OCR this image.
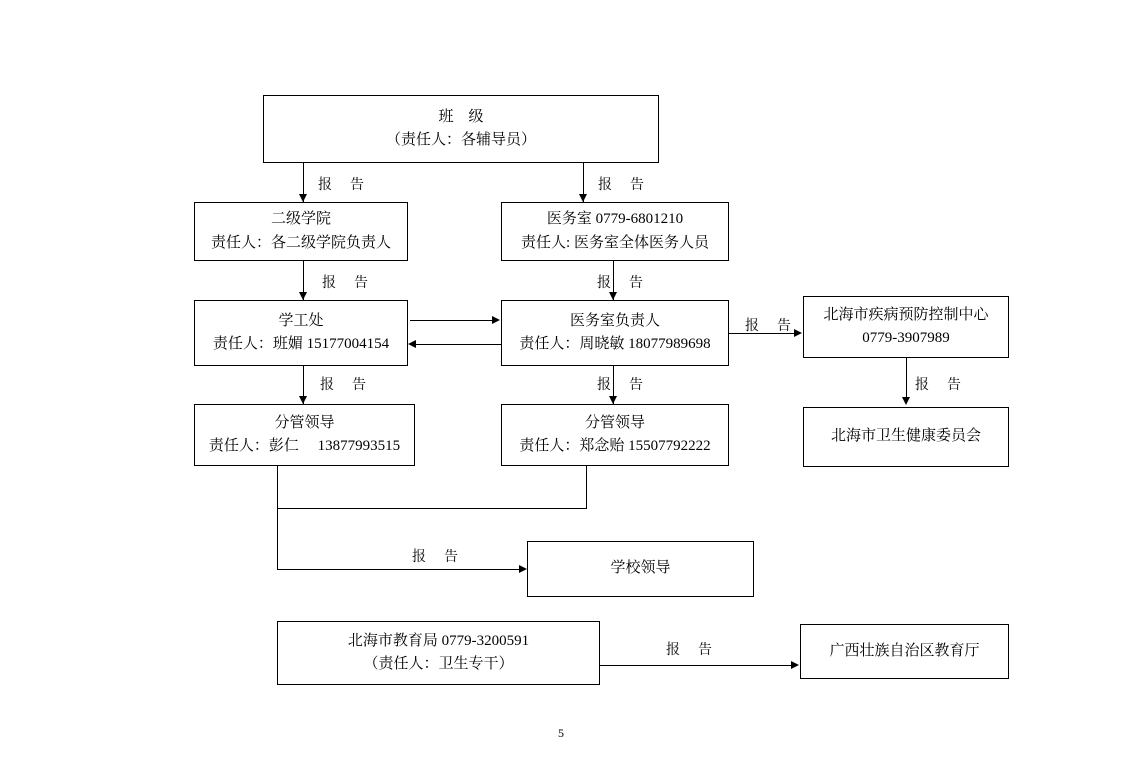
班　级
（责任人：各辅导员）
报　告	报　告
二级学院
责任人：各二级学院负责人
医务室 0779-6801210
责任人: 医务室全体医务人员
报　告	报　告
学工处
责任人：班媚 15177004154
医务室负责人
责任人：周晓敏 18077989698
报　告
北海市疾病预防控制中心
0779-3907989
报　告
北海市卫生健康委员会
报　告	报　告
分管领导
责任人：彭仁　 13877993515
分管领导
责任人：郑念贻 15507792222
报　告
学校领导
北海市教育局 0779-3200591
（责任人：卫生专干）
报　告	广西壮族自治区教育厅
5
